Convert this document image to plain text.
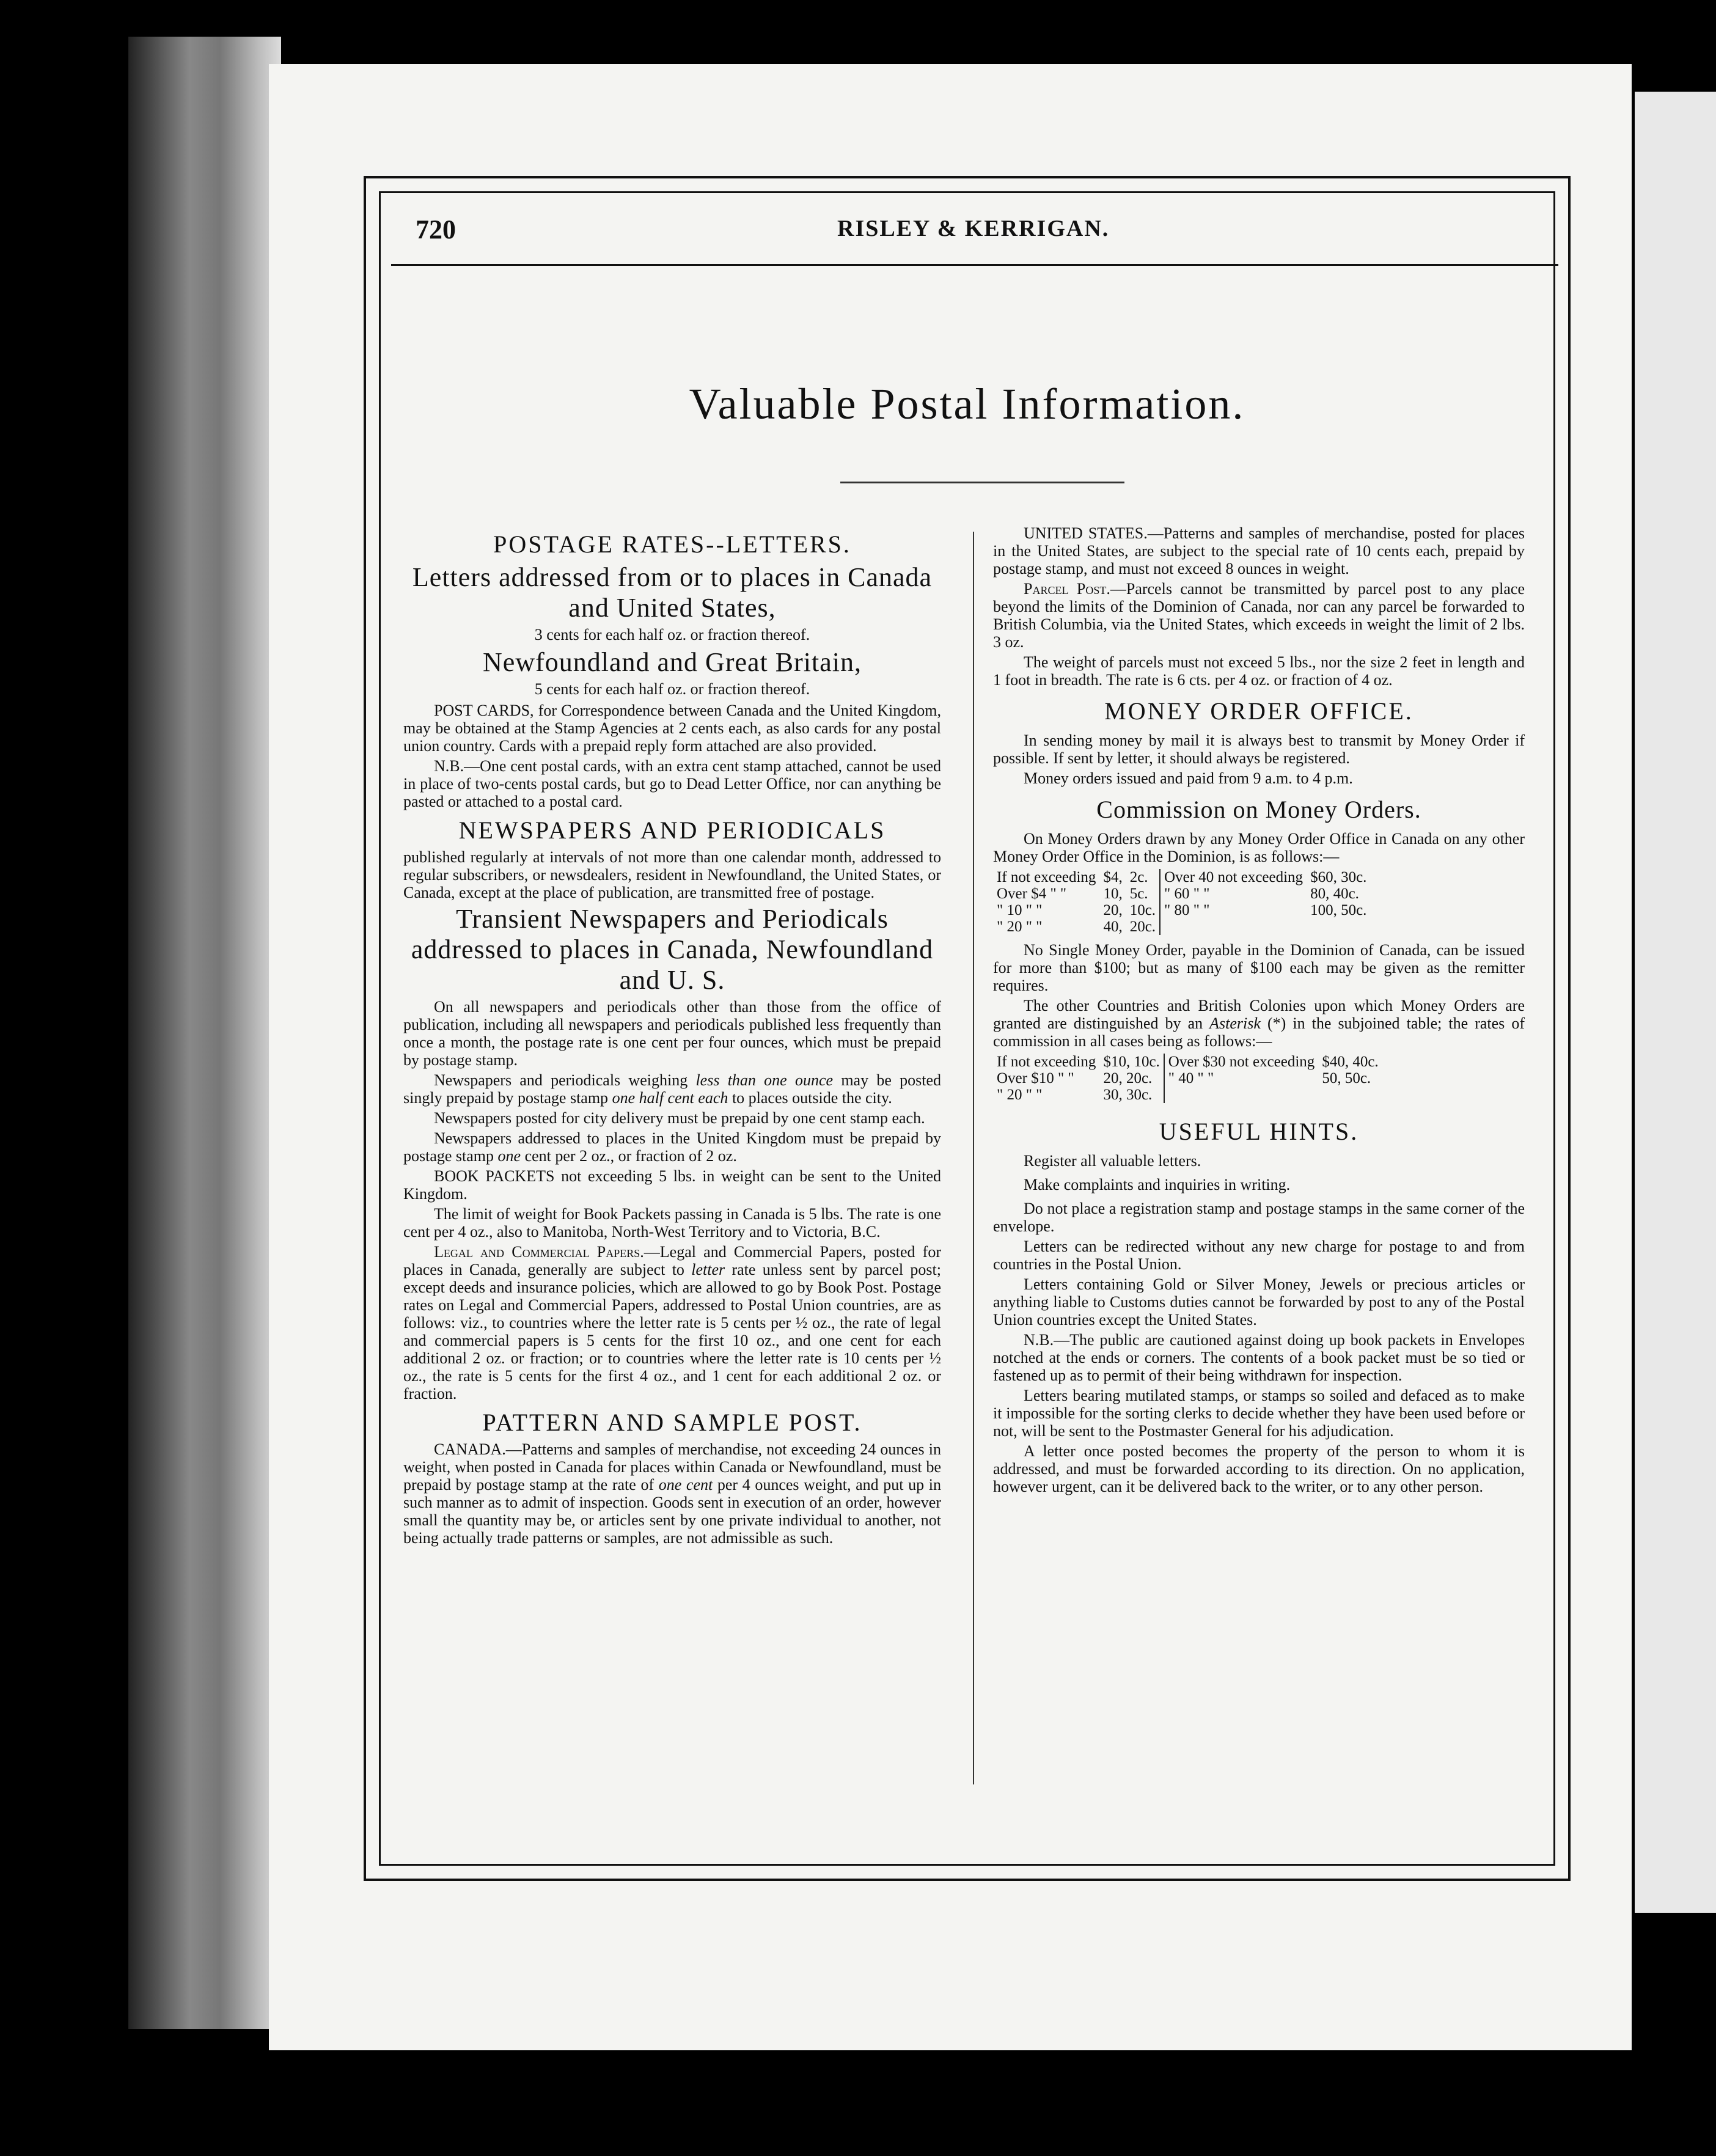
720	RISLEY & KERRIGAN.
Valuable Postal Information.
POSTAGE RATES--LETTERS.
Letters addressed from or to places in Canada and United States,
3 cents for each half oz. or fraction thereof.
Newfoundland and Great Britain,
5 cents for each half oz. or fraction thereof.

POST CARDS, for Correspondence between Canada and the United Kingdom, may be obtained at the Stamp Agencies at 2 cents each, as also cards for any postal union country. Cards with a prepaid reply form attached are also provided.

N.B.—One cent postal cards, with an extra cent stamp attached, cannot be used in place of two-cents postal cards, but go to Dead Letter Office, nor can anything be pasted or attached to a postal card.

NEWSPAPERS AND PERIODICALS

published regularly at intervals of not more than one calendar month, addressed to regular subscribers, or newsdealers, resident in Newfoundland, the United States, or Canada, except at the place of publication, are transmitted free of postage.

Transient Newspapers and Periodicals addressed to places in Canada, Newfoundland and U. S.

On all newspapers and periodicals other than those from the office of publication, including all newspapers and periodicals published less frequently than once a month, the postage rate is one cent per four ounces, which must be prepaid by postage stamp.

Newspapers and periodicals weighing less than one ounce may be posted singly prepaid by postage stamp one half cent each to places outside the city.

Newspapers posted for city delivery must be prepaid by one cent stamp each.

Newspapers addressed to places in the United Kingdom must be prepaid by postage stamp one cent per 2 oz., or fraction of 2 oz.

BOOK PACKETS not exceeding 5 lbs. in weight can be sent to the United Kingdom.

The limit of weight for Book Packets passing in Canada is 5 lbs. The rate is one cent per 4 oz., also to Manitoba, North-West Territory and to Victoria, B.C.

Legal and Commercial Papers.—Legal and Commercial Papers, posted for places in Canada, generally are subject to letter rate unless sent by parcel post; except deeds and insurance policies, which are allowed to go by Book Post. Postage rates on Legal and Commercial Papers, addressed to Postal Union countries, are as follows: viz., to countries where the letter rate is 5 cents per ½ oz., the rate of legal and commercial papers is 5 cents for the first 10 oz., and one cent for each additional 2 oz. or fraction; or to countries where the letter rate is 10 cents per ½ oz., the rate is 5 cents for the first 4 oz., and 1 cent for each additional 2 oz. or fraction.

PATTERN AND SAMPLE POST.

CANADA.—Patterns and samples of merchandise, not exceeding 24 ounces in weight, when posted in Canada for places within Canada or Newfoundland, must be prepaid by postage stamp at the rate of one cent per 4 ounces weight, and put up in such manner as to admit of inspection. Goods sent in execution of an order, however small the quantity may be, or articles sent by one private individual to another, not being actually trade patterns or samples, are not admissible as such.

UNITED STATES.—Patterns and samples of merchandise, posted for places in the United States, are subject to the special rate of 10 cents each, prepaid by postage stamp, and must not exceed 8 ounces in weight.

Parcel Post.—Parcels cannot be transmitted by parcel post to any place beyond the limits of the Dominion of Canada, nor can any parcel be forwarded to British Columbia, via the United States, which exceeds in weight the limit of 2 lbs. 3 oz.

The weight of parcels must not exceed 5 lbs., nor the size 2 feet in length and 1 foot in breadth. The rate is 6 cts. per 4 oz. or fraction of 4 oz.

MONEY ORDER OFFICE.

In sending money by mail it is always best to transmit by Money Order if possible. If sent by letter, it should always be registered.

Money orders issued and paid from 9 a.m. to 4 p.m.

Commission on Money Orders.

On Money Orders drawn by any Money Order Office in Canada on any other Money Order Office in the Dominion, is as follows:—

If not exceeding	$4,	2c.		Over 40 not exceeding	$60, 30c.
Over $4 " "	10,	5c.		" 60 " "	80, 40c.
" 10 " "	20,	10c.		" 80 " "	100, 50c.
" 20 " "	40,	20c.			

No Single Money Order, payable in the Dominion of Canada, can be issued for more than $100; but as many of $100 each may be given as the remitter requires.

The other Countries and British Colonies upon which Money Orders are granted are distinguished by an Asterisk (*) in the subjoined table; the rates of commission in all cases being as follows:—

If not exceeding	$10, 10c.		Over $30 not exceeding	$40, 40c.
Over $10 " "	20, 20c.		" 40 " "	50, 50c.
" 20 " "	30, 30c.			
USEFUL HINTS.

Register all valuable letters.

Make complaints and inquiries in writing.

Do not place a registration stamp and postage stamps in the same corner of the envelope.

Letters can be redirected without any new charge for postage to and from countries in the Postal Union.

Letters containing Gold or Silver Money, Jewels or precious articles or anything liable to Customs duties cannot be forwarded by post to any of the Postal Union countries except the United States.

N.B.—The public are cautioned against doing up book packets in Envelopes notched at the ends or corners. The contents of a book packet must be so tied or fastened up as to permit of their being withdrawn for inspection.

Letters bearing mutilated stamps, or stamps so soiled and defaced as to make it impossible for the sorting clerks to decide whether they have been used before or not, will be sent to the Postmaster General for his adjudication.

A letter once posted becomes the property of the person to whom it is addressed, and must be forwarded according to its direction. On no application, however urgent, can it be delivered back to the writer, or to any other person.
